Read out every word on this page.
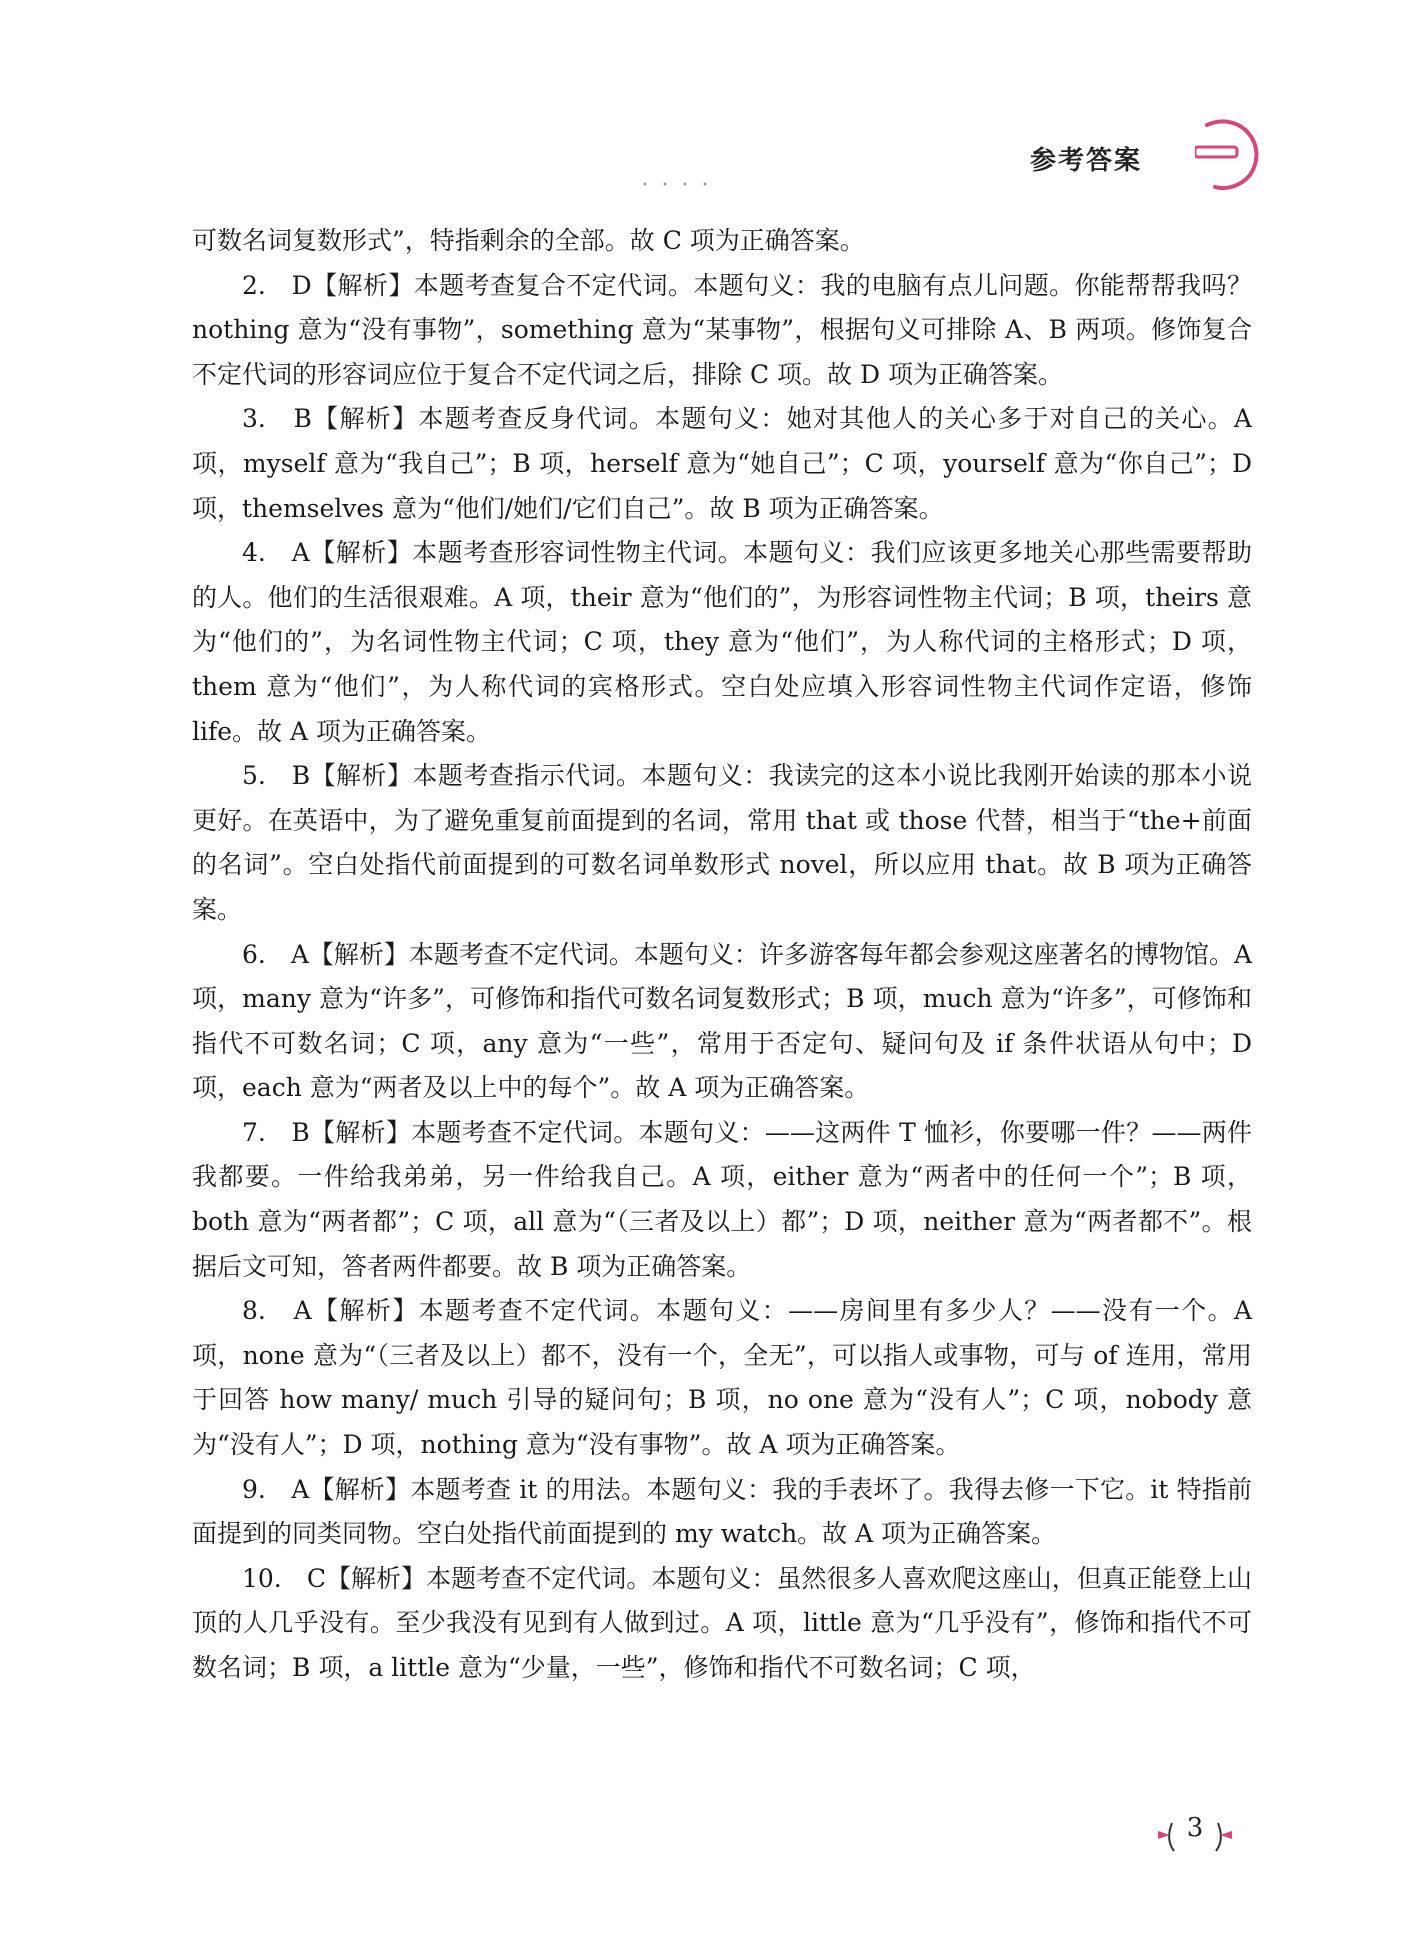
参考答案

可数名词复数形式”，特指剩余的全部。故 C 项为正确答案。

2.　D【解析】本题考查复合不定代词。本题句义：我的电脑有点儿问题。你能帮帮我吗？nothing 意为“没有事物”，something 意为“某事物”，根据句义可排除 A、B 两项。修饰复合不定代词的形容词应位于复合不定代词之后，排除 C 项。故 D 项为正确答案。

3.　B【解析】本题考查反身代词。本题句义：她对其他人的关心多于对自己的关心。A 项，myself 意为“我自己”；B 项，herself 意为“她自己”；C 项，yourself 意为“你自己”；D 项，themselves 意为“他们/她们/它们自己”。故 B 项为正确答案。

4.　A【解析】本题考查形容词性物主代词。本题句义：我们应该更多地关心那些需要帮助的人。他们的生活很艰难。A 项，their 意为“他们的”，为形容词性物主代词；B 项，theirs 意为“他们的”，为名词性物主代词；C 项，they 意为“他们”，为人称代词的主格形式；D 项，them 意为“他们”，为人称代词的宾格形式。空白处应填入形容词性物主代词作定语，修饰 life。故 A 项为正确答案。

5.　B【解析】本题考查指示代词。本题句义：我读完的这本小说比我刚开始读的那本小说更好。在英语中，为了避免重复前面提到的名词，常用 that 或 those 代替，相当于“the+前面的名词”。空白处指代前面提到的可数名词单数形式 novel，所以应用 that。故 B 项为正确答案。

6.　A【解析】本题考查不定代词。本题句义：许多游客每年都会参观这座著名的博物馆。A 项，many 意为“许多”，可修饰和指代可数名词复数形式；B 项，much 意为“许多”，可修饰和指代不可数名词；C 项，any 意为“一些”，常用于否定句、疑问句及 if 条件状语从句中；D 项，each 意为“两者及以上中的每个”。故 A 项为正确答案。

7.　B【解析】本题考查不定代词。本题句义：——这两件 T 恤衫，你要哪一件？——两件我都要。一件给我弟弟，另一件给我自己。A 项，either 意为“两者中的任何一个”；B 项，both 意为“两者都”；C 项，all 意为“（三者及以上）都”；D 项，neither 意为“两者都不”。根据后文可知，答者两件都要。故 B 项为正确答案。

8.　A【解析】本题考查不定代词。本题句义：——房间里有多少人？——没有一个。A 项，none 意为“（三者及以上）都不，没有一个，全无”，可以指人或事物，可与 of 连用，常用于回答 how many/ much 引导的疑问句；B 项，no one 意为“没有人”；C 项，nobody 意为“没有人”；D 项，nothing 意为“没有事物”。故 A 项为正确答案。

9.　A【解析】本题考查 it 的用法。本题句义：我的手表坏了。我得去修一下它。it 特指前面提到的同类同物。空白处指代前面提到的 my watch。故 A 项为正确答案。

10.　C【解析】本题考查不定代词。本题句义：虽然很多人喜欢爬这座山，但真正能登上山顶的人几乎没有。至少我没有见到有人做到过。A 项，little 意为“几乎没有”，修饰和指代不可数名词；B 项，a little 意为“少量，一些”，修饰和指代不可数名词；C 项，

3
